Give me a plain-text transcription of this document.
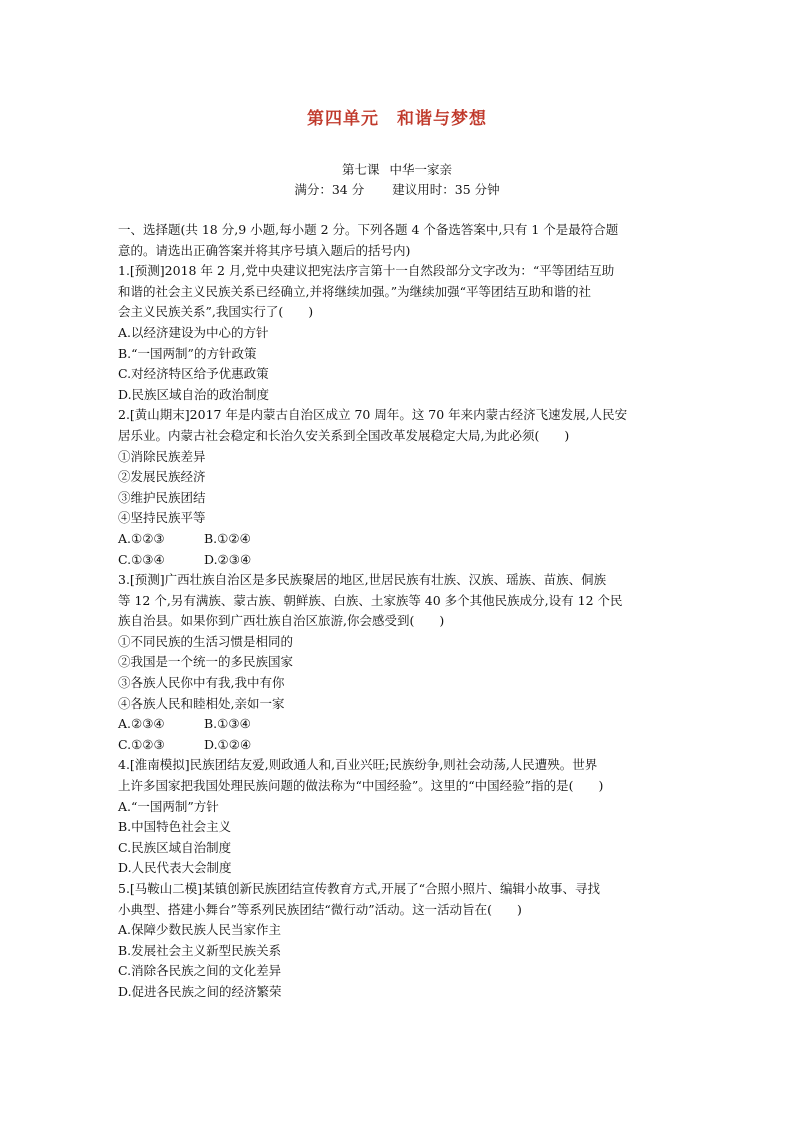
第四单元 和谐与梦想
第七课 中华一家亲
满分：34 分 建议用时：35 分钟

一、选择题(共 18 分,9 小题,每小题 2 分。下列各题 4 个备选答案中,只有 1 个是最符合题

意的。请选出正确答案并将其序号填入题后的括号内)

1.[预测]2018 年 2 月,党中央建议把宪法序言第十一自然段部分文字改为：“平等团结互助

和谐的社会主义民族关系已经确立,并将继续加强。”为继续加强“平等团结互助和谐的社

会主义民族关系”,我国实行了(　　)

A.以经济建设为中心的方针

B.“一国两制”的方针政策

C.对经济特区给予优惠政策

D.民族区域自治的政治制度

2.[黄山期末]2017 年是内蒙古自治区成立 70 周年。这 70 年来内蒙古经济飞速发展,人民安

居乐业。内蒙古社会稳定和长治久安关系到全国改革发展稳定大局,为此必须(　　)

①消除民族差异

②发展民族经济

③维护民族团结

④坚持民族平等

A.①②③	B.①②④

C.①③④	D.②③④

3.[预测]广西壮族自治区是多民族聚居的地区,世居民族有壮族、汉族、瑶族、苗族、侗族

等 12 个,另有满族、蒙古族、朝鲜族、白族、土家族等 40 多个其他民族成分,设有 12 个民

族自治县。如果你到广西壮族自治区旅游,你会感受到(　　)

①不同民族的生活习惯是相同的

②我国是一个统一的多民族国家

③各族人民你中有我,我中有你

④各族人民和睦相处,亲如一家

A.②③④	B.①③④

C.①②③	D.①②④

4.[淮南模拟]民族团结友爱,则政通人和,百业兴旺;民族纷争,则社会动荡,人民遭殃。世界

上许多国家把我国处理民族问题的做法称为“中国经验”。这里的“中国经验”指的是(　　)

A.“一国两制”方针

B.中国特色社会主义

C.民族区域自治制度

D.人民代表大会制度

5.[马鞍山二模]某镇创新民族团结宣传教育方式,开展了“合照小照片、编辑小故事、寻找

小典型、搭建小舞台”等系列民族团结“微行动”活动。这一活动旨在(　　)

A.保障少数民族人民当家作主

B.发展社会主义新型民族关系

C.消除各民族之间的文化差异

D.促进各民族之间的经济繁荣
